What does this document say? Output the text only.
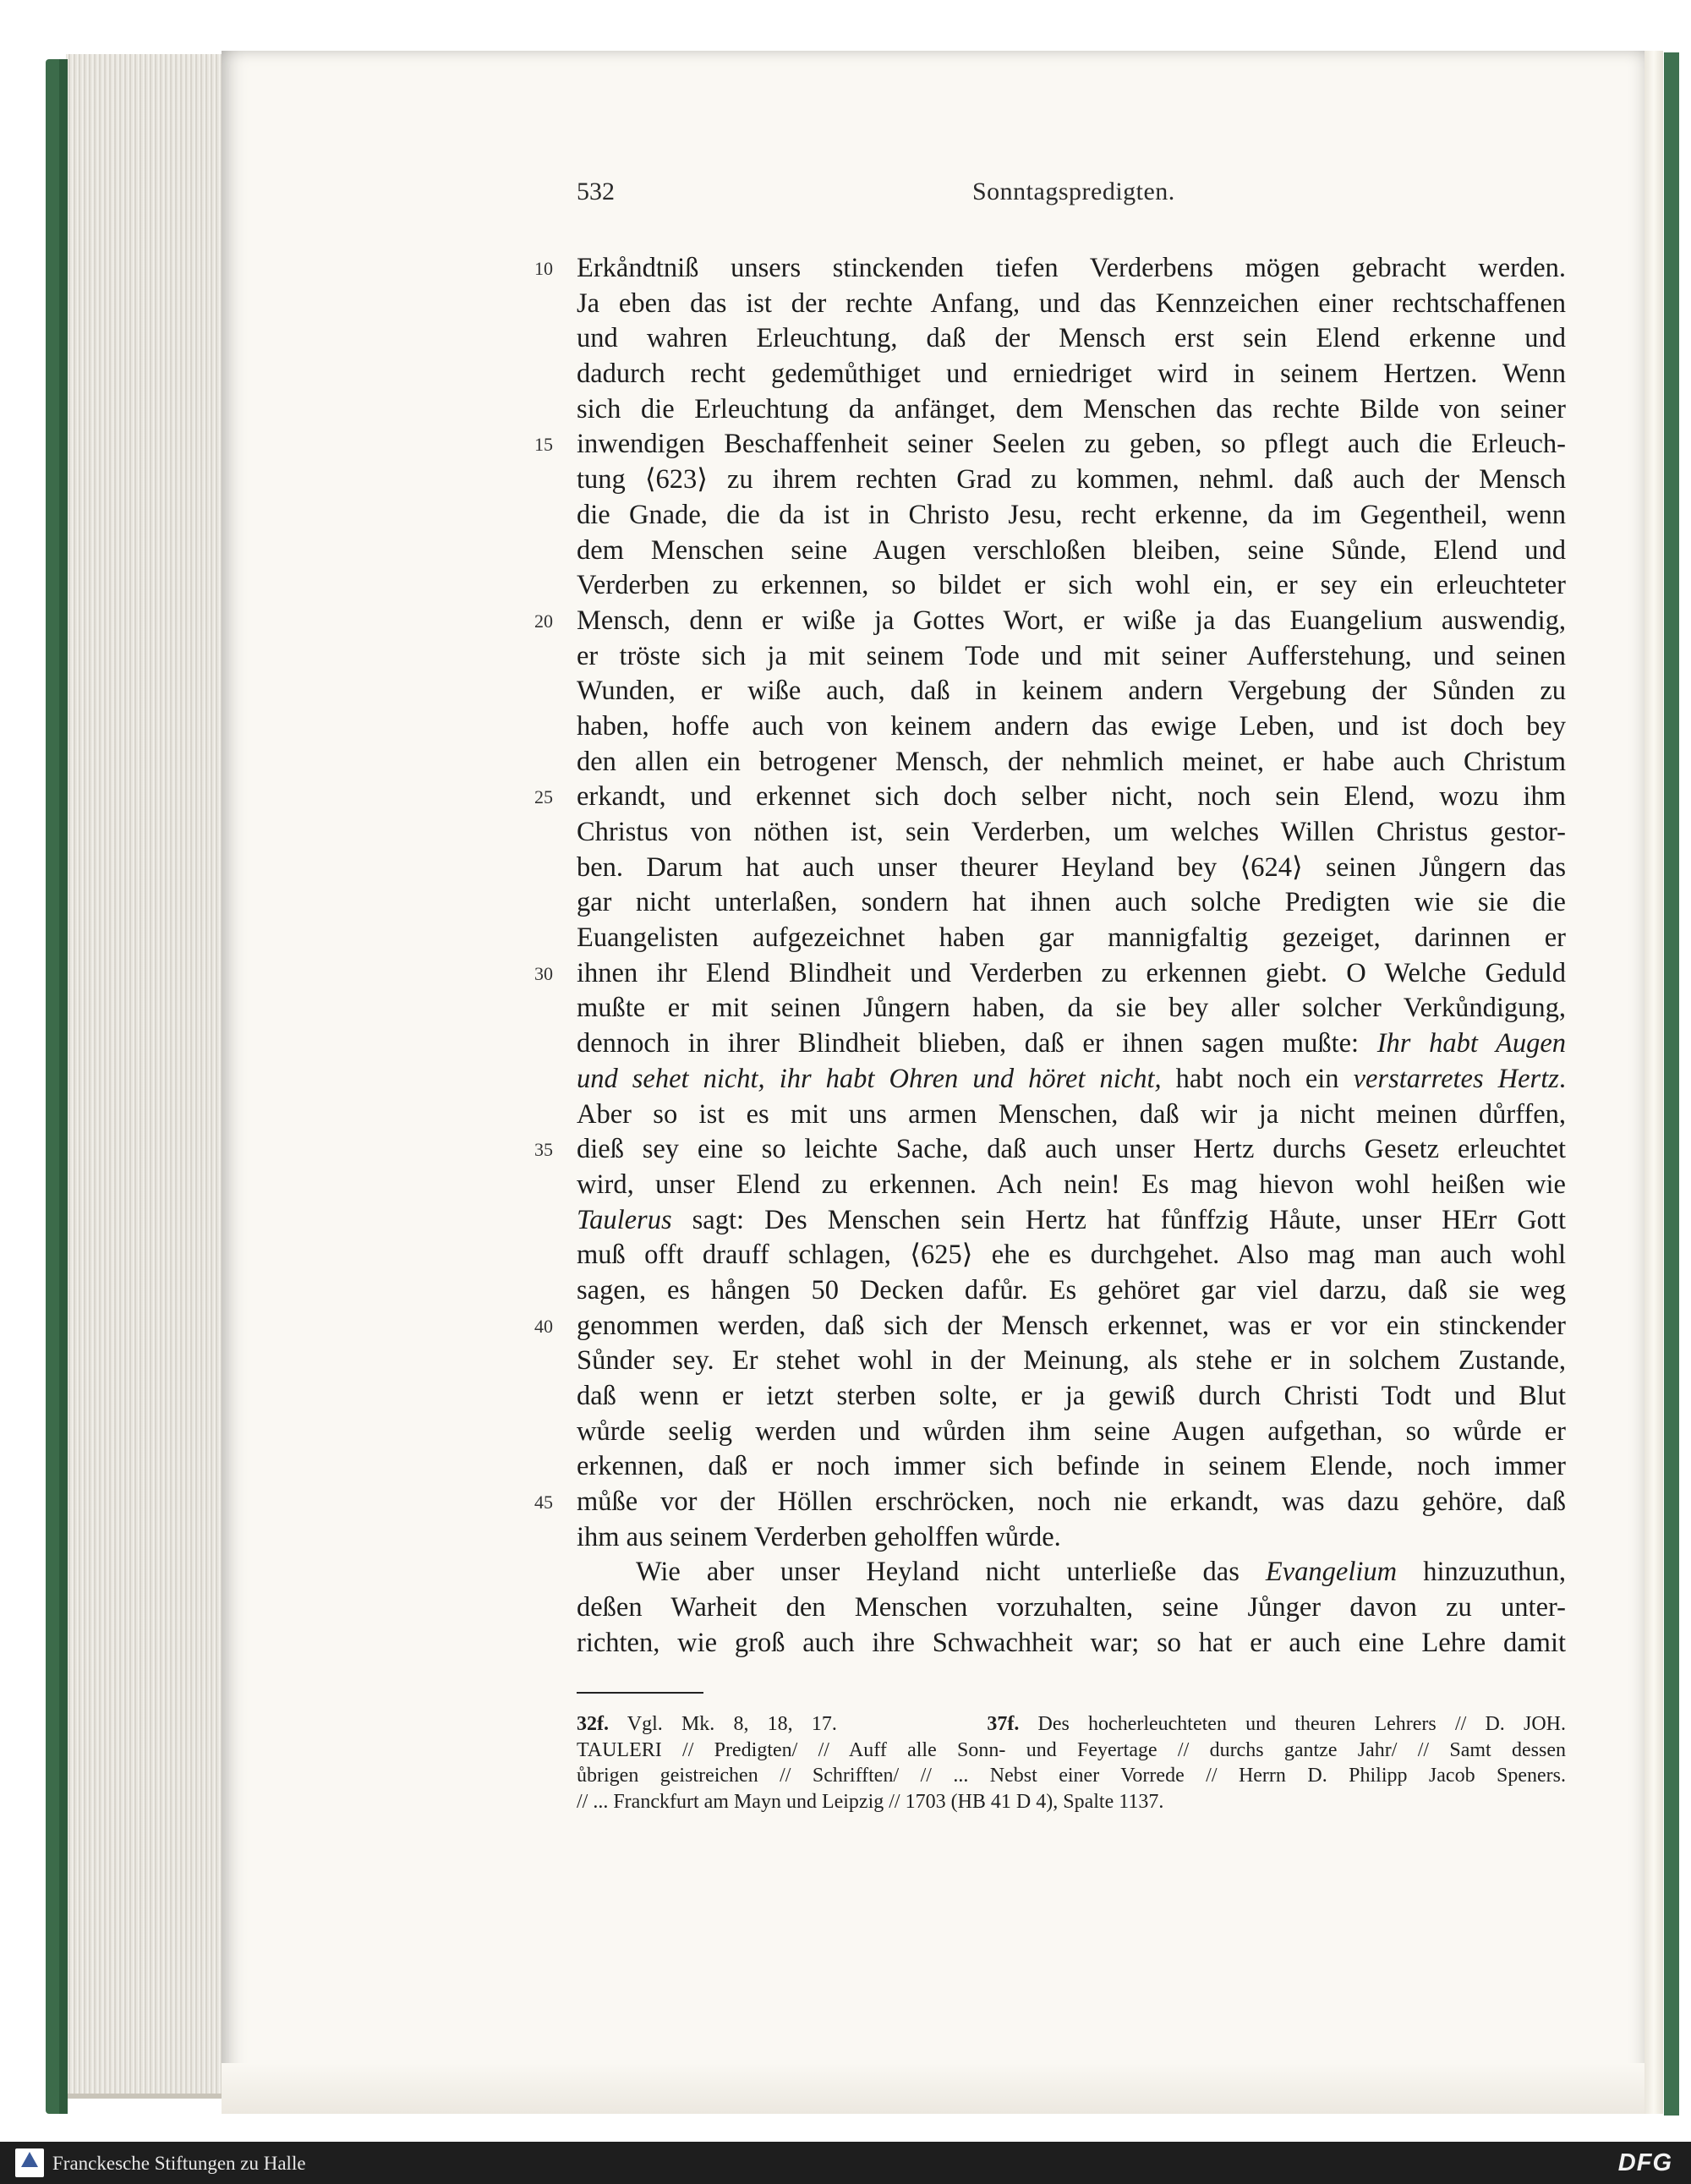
532	Sonntagspredigten.
10 Erkåndtniß unsers stinckenden tiefen Verderbens mögen gebracht werden.
Ja eben das ist der rechte Anfang, und das Kennzeichen einer rechtschaffenen
und wahren Erleuchtung, daß der Mensch erst sein Elend erkenne und
dadurch recht gedemůthiget und erniedriget wird in seinem Hertzen. Wenn
sich die Erleuchtung da anfänget, dem Menschen das rechte Bilde von seiner
15 inwendigen Beschaffenheit seiner Seelen zu geben, so pflegt auch die Erleuch-
tung ⟨623⟩ zu ihrem rechten Grad zu kommen, nehml. daß auch der Mensch
die Gnade, die da ist in Christo Jesu, recht erkenne, da im Gegentheil, wenn
dem Menschen seine Augen verschloßen bleiben, seine Sůnde, Elend und
Verderben zu erkennen, so bildet er sich wohl ein, er sey ein erleuchteter
20 Mensch, denn er wiße ja Gottes Wort, er wiße ja das Euangelium auswendig,
er tröste sich ja mit seinem Tode und mit seiner Aufferstehung, und seinen
Wunden, er wiße auch, daß in keinem andern Vergebung der Sůnden zu
haben, hoffe auch von keinem andern das ewige Leben, und ist doch bey
den allen ein betrogener Mensch, der nehmlich meinet, er habe auch Christum
25 erkandt, und erkennet sich doch selber nicht, noch sein Elend, wozu ihm
Christus von nöthen ist, sein Verderben, um welches Willen Christus gestor-
ben. Darum hat auch unser theurer Heyland bey ⟨624⟩ seinen Jůngern das
gar nicht unterlaßen, sondern hat ihnen auch solche Predigten wie sie die
Euangelisten aufgezeichnet haben gar mannigfaltig gezeiget, darinnen er
30 ihnen ihr Elend Blindheit und Verderben zu erkennen giebt. O Welche Geduld
mußte er mit seinen Jůngern haben, da sie bey aller solcher Verkůndigung,
dennoch in ihrer Blindheit blieben, daß er ihnen sagen mußte: Ihr habt Augen
und sehet nicht, ihr habt Ohren und höret nicht, habt noch ein verstarretes Hertz.
Aber so ist es mit uns armen Menschen, daß wir ja nicht meinen důrffen,
35 dieß sey eine so leichte Sache, daß auch unser Hertz durchs Gesetz erleuchtet
wird, unser Elend zu erkennen. Ach nein! Es mag hievon wohl heißen wie
Taulerus sagt: Des Menschen sein Hertz hat fůnffzig Håute, unser HErr Gott
muß offt drauff schlagen, ⟨625⟩ ehe es durchgehet. Also mag man auch wohl
sagen, es hången 50 Decken dafůr. Es gehöret gar viel darzu, daß sie weg
40 genommen werden, daß sich der Mensch erkennet, was er vor ein stinckender
Sůnder sey. Er stehet wohl in der Meinung, als stehe er in solchem Zustande,
daß wenn er ietzt sterben solte, er ja gewiß durch Christi Todt und Blut
wůrde seelig werden und wůrden ihm seine Augen aufgethan, so wůrde er
erkennen, daß er noch immer sich befinde in seinem Elende, noch immer
45 můße vor der Höllen erschröcken, noch nie erkandt, was dazu gehöre, daß
ihm aus seinem Verderben geholffen wůrde.
Wie aber unser Heyland nicht unterließe das Evangelium hinzuzuthun,
deßen Warheit den Menschen vorzuhalten, seine Jůnger davon zu unter-
richten, wie groß auch ihre Schwachheit war; so hat er auch eine Lehre damit
32f. Vgl. Mk. 8, 18, 17.        37f. Des hocherleuchteten und theuren Lehrers // D. JOH.
TAULERI // Predigten/ // Auff alle Sonn- und Feyertage // durchs gantze Jahr/ // Samt dessen
ůbrigen geistreichen // Schrifften/ // ... Nebst einer Vorrede // Herrn D. Philipp Jacob Speners.
// ... Franckfurt am Mayn und Leipzig // 1703 (HB 41 D 4), Spalte 1137.
Franckesche Stiftungen zu Halle	DFG
